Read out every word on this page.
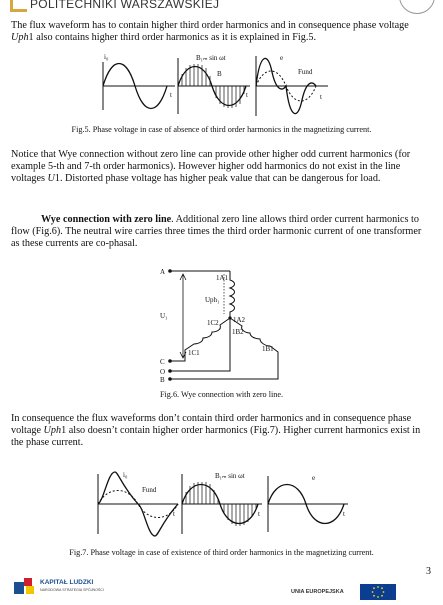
POLITECHNIKI WARSZAWSKIEJ

The flux waveform has to contain higher third order harmonics and in consequence phase voltage Uph1 also contains higher third order harmonics as it is explained in Fig.5.

i₀
t
B₁ₘ sin ωt
B
t
e
Fund
t

Fig.5. Phase voltage in case of absence of third order harmonics in the magnetizing current.

Notice that Wye connection without zero line can provide other higher odd current harmonics (for example 5-th and 7-th order harmonics). However higher odd harmonics do not exist in the line voltages U1. Distorted phase voltage has higher peak value that can be dangerous for load.

Wye connection with zero line. Additional zero line allows third order current harmonics to flow (Fig.6). The neutral wire carries three times the third order harmonic current of one transformer as these currents are co-phasal.

A
C
O
B
U₁
Uph₁
1A1
1A2
1C2
1B2
1C1	1B1

Fig.6. Wye connection with zero line.

In consequence the flux waveforms don’t contain third order harmonics and in consequence phase voltage Uph1 also doesn’t contain higher order harmonics (Fig.7). Higher current harmonics exist in the phase current.

i₀
Fund
t
B₁ₘ sin ωt
t
e
t

Fig.7. Phase voltage in case of existence of third order harmonics in the magnetizing current.

3
KAPITAŁ LUDZKI
NARODOWA STRATEGIA SPÓJNOŚCI	UNIA EUROPEJSKA
